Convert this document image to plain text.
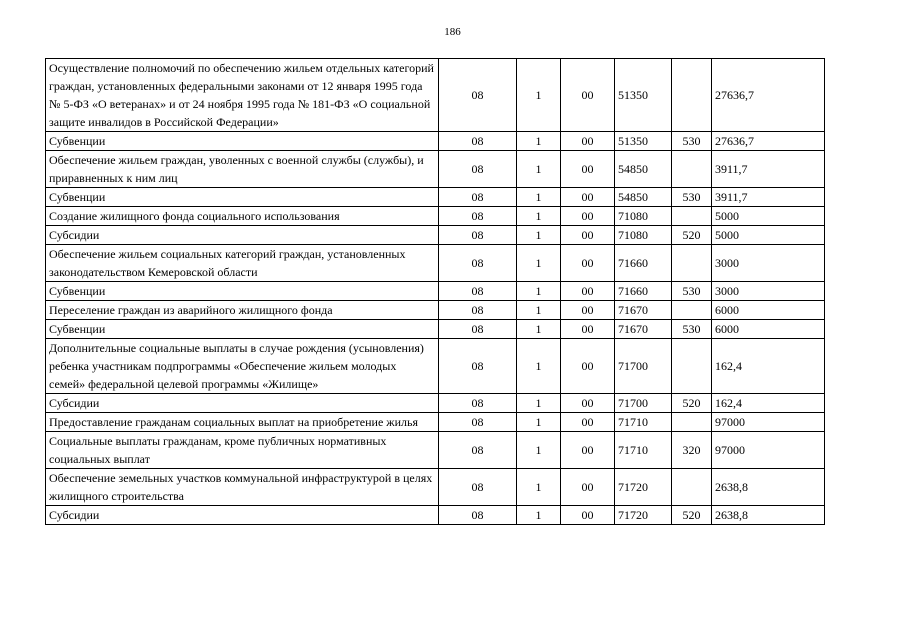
186
Осуществление полномочий по обеспечению жильем отдельных категорий граждан, установленных федеральными законами от 12 января 1995 года № 5-ФЗ «О ветеранах» и от 24 ноября 1995 года № 181-ФЗ «О социальной защите инвалидов в Российской Федерации»	08	1	00	51350		27636,7
Субвенции	08	1	00	51350	530	27636,7
Обеспечение жильем граждан, уволенных с военной службы (службы), и приравненных к ним лиц	08	1	00	54850		3911,7
Субвенции	08	1	00	54850	530	3911,7
Создание жилищного фонда социального использования	08	1	00	71080		5000
Субсидии	08	1	00	71080	520	5000
Обеспечение жильем социальных категорий граждан, установленных законодательством Кемеровской области	08	1	00	71660		3000
Субвенции	08	1	00	71660	530	3000
Переселение граждан из аварийного жилищного фонда	08	1	00	71670		6000
Субвенции	08	1	00	71670	530	6000
Дополнительные социальные выплаты в случае рождения (усыновления) ребенка участникам подпрограммы «Обеспечение жильем молодых семей» федеральной целевой программы «Жилище»	08	1	00	71700		162,4
Субсидии	08	1	00	71700	520	162,4
Предоставление гражданам социальных выплат на приобретение жилья	08	1	00	71710		97000
Социальные выплаты гражданам, кроме публичных нормативных социальных выплат	08	1	00	71710	320	97000
Обеспечение земельных участков коммунальной инфраструктурой в целях жилищного строительства	08	1	00	71720		2638,8
Субсидии	08	1	00	71720	520	2638,8
